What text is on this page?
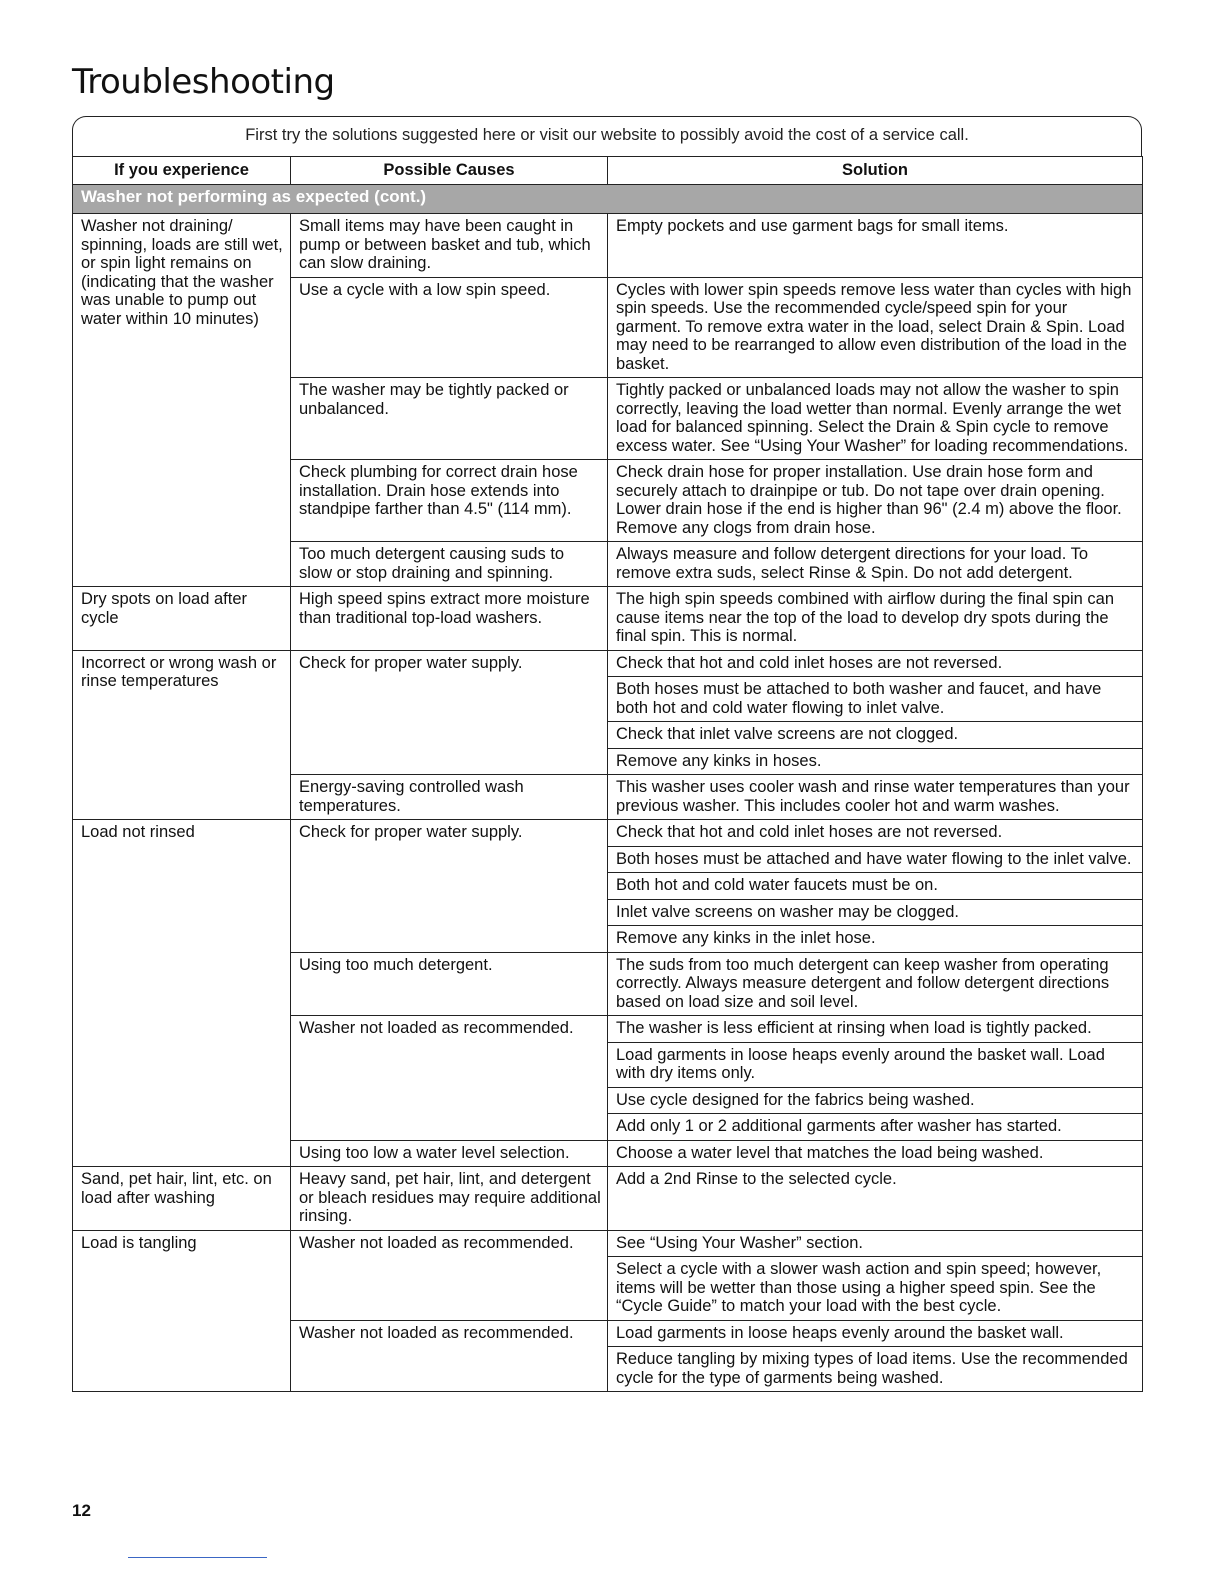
Troubleshooting
First try the solutions suggested here or visit our website to possibly avoid the cost of a service call.
If you experience	Possible Causes	Solution
Washer not performing as expected (cont.)		
Washer not draining/ spinning, loads are still wet, or spin light remains on (indicating that the washer was unable to pump out water within 10 minutes)	Small items may have been caught in pump or between basket and tub, which can slow draining.	Empty pockets and use garment bags for small items.
	Use a cycle with a low spin speed.	Cycles with lower spin speeds remove less water than cycles with high spin speeds. Use the recommended cycle/speed spin for your garment. To remove extra water in the load, select Drain & Spin. Load may need to be rearranged to allow even distribution of the load in the basket.
	The washer may be tightly packed or unbalanced.	Tightly packed or unbalanced loads may not allow the washer to spin correctly, leaving the load wetter than normal. Evenly arrange the wet load for balanced spinning. Select the Drain & Spin cycle to remove excess water. See “Using Your Washer” for loading recommendations.
	Check plumbing for correct drain hose installation. Drain hose extends into standpipe farther than 4.5" (114 mm).	Check drain hose for proper installation. Use drain hose form and securely attach to drainpipe or tub. Do not tape over drain opening. Lower drain hose if the end is higher than 96" (2.4 m) above the floor. Remove any clogs from drain hose.
	Too much detergent causing suds to slow or stop draining and spinning.	Always measure and follow detergent directions for your load. To remove extra suds, select Rinse & Spin. Do not add detergent.
Dry spots on load after cycle	High speed spins extract more moisture than traditional top-load washers.	The high spin speeds combined with airflow during the final spin can cause items near the top of the load to develop dry spots during the final spin. This is normal.
Incorrect or wrong wash or rinse temperatures	Check for proper water supply.	Check that hot and cold inlet hoses are not reversed.
		Both hoses must be attached to both washer and faucet, and have both hot and cold water flowing to inlet valve.
		Check that inlet valve screens are not clogged.
		Remove any kinks in hoses.
	Energy-saving controlled wash temperatures.	This washer uses cooler wash and rinse water temperatures than your previous washer. This includes cooler hot and warm washes.
Load not rinsed	Check for proper water supply.	Check that hot and cold inlet hoses are not reversed.
		Both hoses must be attached and have water flowing to the inlet valve.
		Both hot and cold water faucets must be on.
		Inlet valve screens on washer may be clogged.
		Remove any kinks in the inlet hose.
	Using too much detergent.	The suds from too much detergent can keep washer from operating correctly. Always measure detergent and follow detergent directions based on load size and soil level.
	Washer not loaded as recommended.	The washer is less efficient at rinsing when load is tightly packed.
		Load garments in loose heaps evenly around the basket wall. Load with dry items only.
		Use cycle designed for the fabrics being washed.
		Add only 1 or 2 additional garments after washer has started.
	Using too low a water level selection.	Choose a water level that matches the load being washed.
Sand, pet hair, lint, etc. on load after washing	Heavy sand, pet hair, lint, and detergent or bleach residues may require additional rinsing.	Add a 2nd Rinse to the selected cycle.
Load is tangling	Washer not loaded as recommended.	See “Using Your Washer” section.
		Select a cycle with a slower wash action and spin speed; however, items will be wetter than those using a higher speed spin. See the “Cycle Guide” to match your load with the best cycle.
	Washer not loaded as recommended.	Load garments in loose heaps evenly around the basket wall.
		Reduce tangling by mixing types of load items. Use the recommended cycle for the type of garments being washed.
12
